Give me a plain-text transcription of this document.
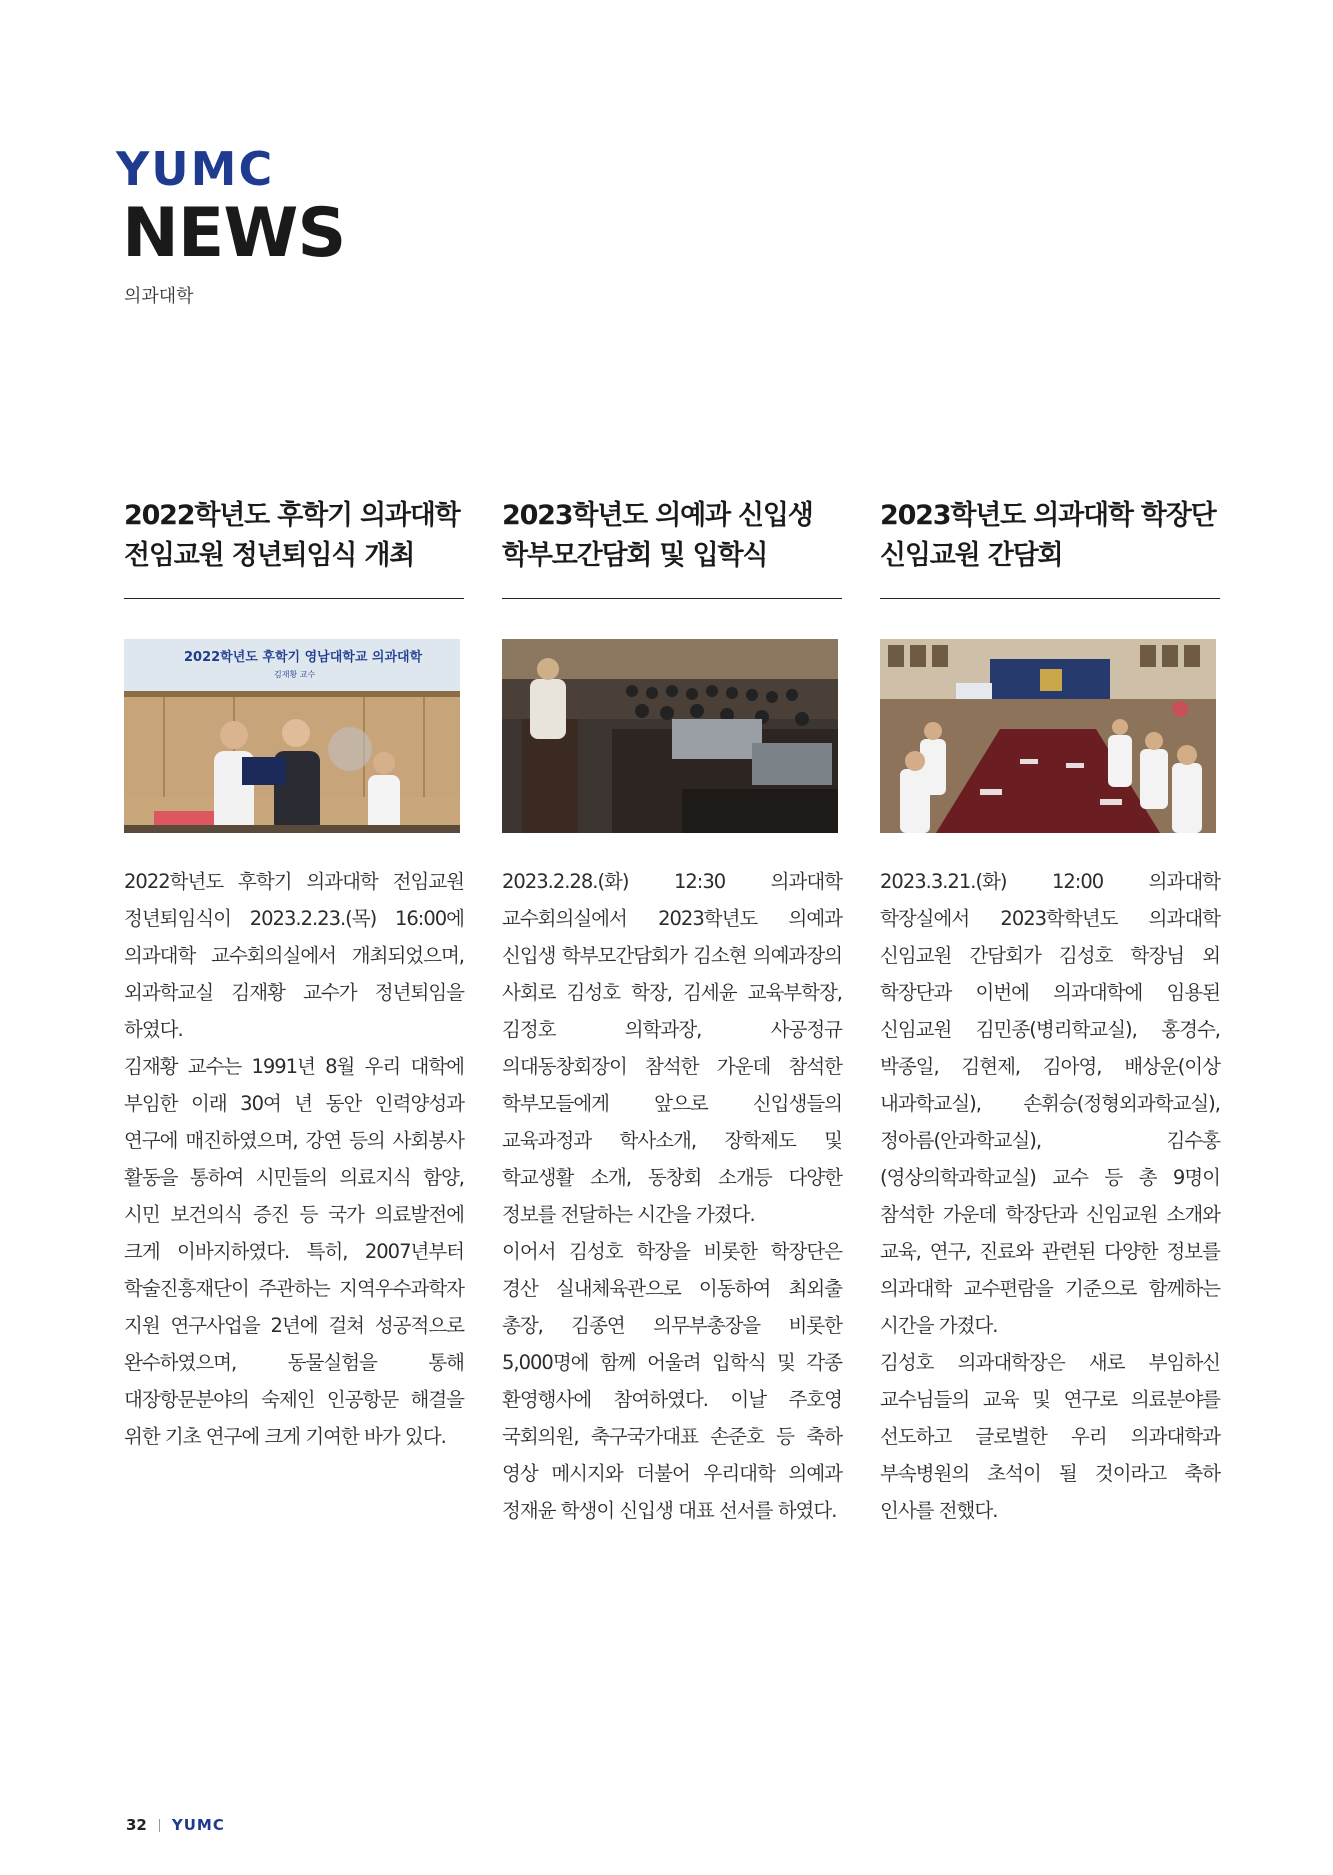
YUMC
NEWS
의과대학
2022학년도 후학기 의과대학
전임교원 정년퇴임식 개최
2022학년도 후학기 영남대학교 의과대학
김재황 교수

2022학년도 후학기 의과대학 전임교원 정년퇴임식이 2023.2.23.(목) 16:00에 의과대학 교수회의실에서 개최되었으며, 외과학교실 김재황 교수가 정년퇴임을 하였다.

김재황 교수는 1991년 8월 우리 대학에 부임한 이래 30여 년 동안 인력양성과 연구에 매진하였으며, 강연 등의 사회봉사 활동을 통하여 시민들의 의료지식 함양, 시민 보건의식 증진 등 국가 의료발전에 크게 이바지하였다. 특히, 2007년부터 학술진흥재단이 주관하는 지역우수과학자 지원 연구사업을 2년에 걸쳐 성공적으로 완수하였으며, 동물실험을 통해 대장항문분야의 숙제인 인공항문 해결을 위한 기초 연구에 크게 기여한 바가 있다.

2023학년도 의예과 신입생
학부모간담회 및 입학식

2023.2.28.(화) 12:30 의과대학 교수회의실에서 2023학년도 의예과 신입생 학부모간담회가 김소현 의예과장의 사회로 김성호 학장, 김세윤 교육부학장, 김정호 의학과장, 사공정규 의대동창회장이 참석한 가운데 참석한 학부모들에게 앞으로 신입생들의 교육과정과 학사소개, 장학제도 및 학교생활 소개, 동창회 소개등 다양한 정보를 전달하는 시간을 가졌다.

이어서 김성호 학장을 비롯한 학장단은 경산 실내체육관으로 이동하여 최외출 총장, 김종연 의무부총장을 비롯한 5,000명에 함께 어울려 입학식 및 각종 환영행사에 참여하였다. 이날 주호영 국회의원, 축구국가대표 손준호 등 축하 영상 메시지와 더불어 우리대학 의예과 정재윤 학생이 신입생 대표 선서를 하였다.

2023학년도 의과대학 학장단
신임교원 간담회

2023.3.21.(화) 12:00 의과대학 학장실에서 2023학학년도 의과대학 신임교원 간담회가 김성호 학장님 외 학장단과 이번에 의과대학에 임용된 신임교원 김민종(병리학교실), 홍경수, 박종일, 김현제, 김아영, 배상운(이상 내과학교실), 손휘승(정형외과학교실), 정아름(안과학교실), 김수홍(영상의학과학교실) 교수 등 총 9명이 참석한 가운데 학장단과 신임교원 소개와 교육, 연구, 진료와 관련된 다양한 정보를 의과대학 교수편람을 기준으로 함께하는 시간을 가졌다.

김성호 의과대학장은 새로 부임하신 교수님들의 교육 및 연구로 의료분야를 선도하고 글로벌한 우리 의과대학과 부속병원의 초석이 될 것이라고 축하 인사를 전했다.

32 YUMC
